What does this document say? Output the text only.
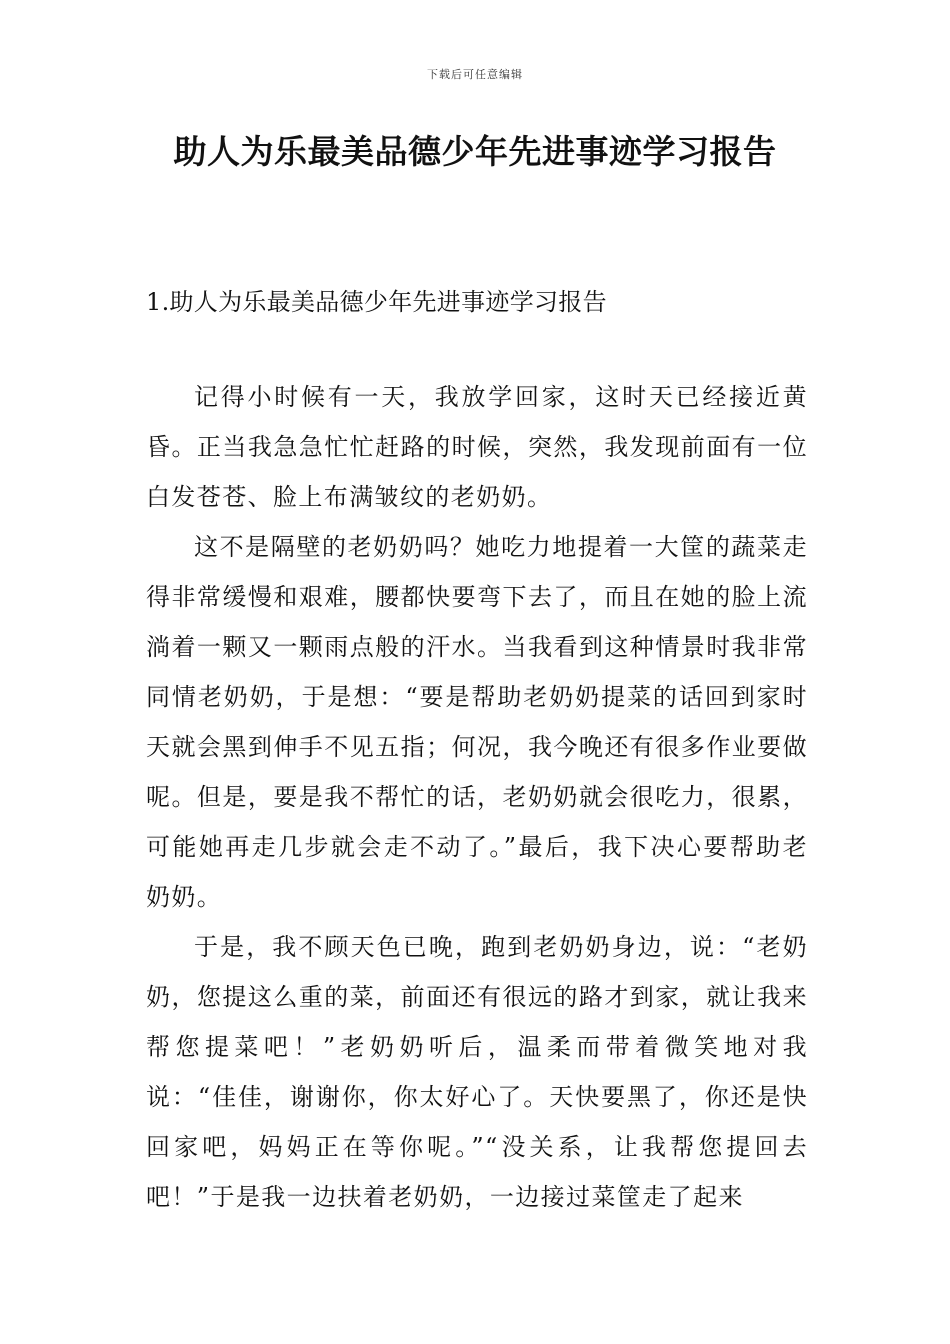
下载后可任意编辑
助人为乐最美品德少年先进事迹学习报告
1.助人为乐最美品德少年先进事迹学习报告

记得小时候有一天，我放学回家，这时天已经接近黄昏。正当我急急忙忙赶路的时候，突然，我发现前面有一位白发苍苍、脸上布满皱纹的老奶奶。

这不是隔壁的老奶奶吗？她吃力地提着一大筐的蔬菜走得非常缓慢和艰难，腰都快要弯下去了，而且在她的脸上流淌着一颗又一颗雨点般的汗水。当我看到这种情景时我非常同情老奶奶，于是想：“要是帮助老奶奶提菜的话回到家时天就会黑到伸手不见五指；何况，我今晚还有很多作业要做呢。但是，要是我不帮忙的话，老奶奶就会很吃力，很累，可能她再走几步就会走不动了。”最后，我下决心要帮助老奶奶。

于是，我不顾天色已晚，跑到老奶奶身边，说：“老奶奶，您提这么重的菜，前面还有很远的路才到家，就让我来帮您提菜吧！”老奶奶听后，温柔而带着微笑地对我说：“佳佳，谢谢你，你太好心了。天快要黑了，你还是快回家吧，妈妈正在等你呢。”“没关系，让我帮您提回去吧！”于是我一边扶着老奶奶，一边接过菜筐走了起来
